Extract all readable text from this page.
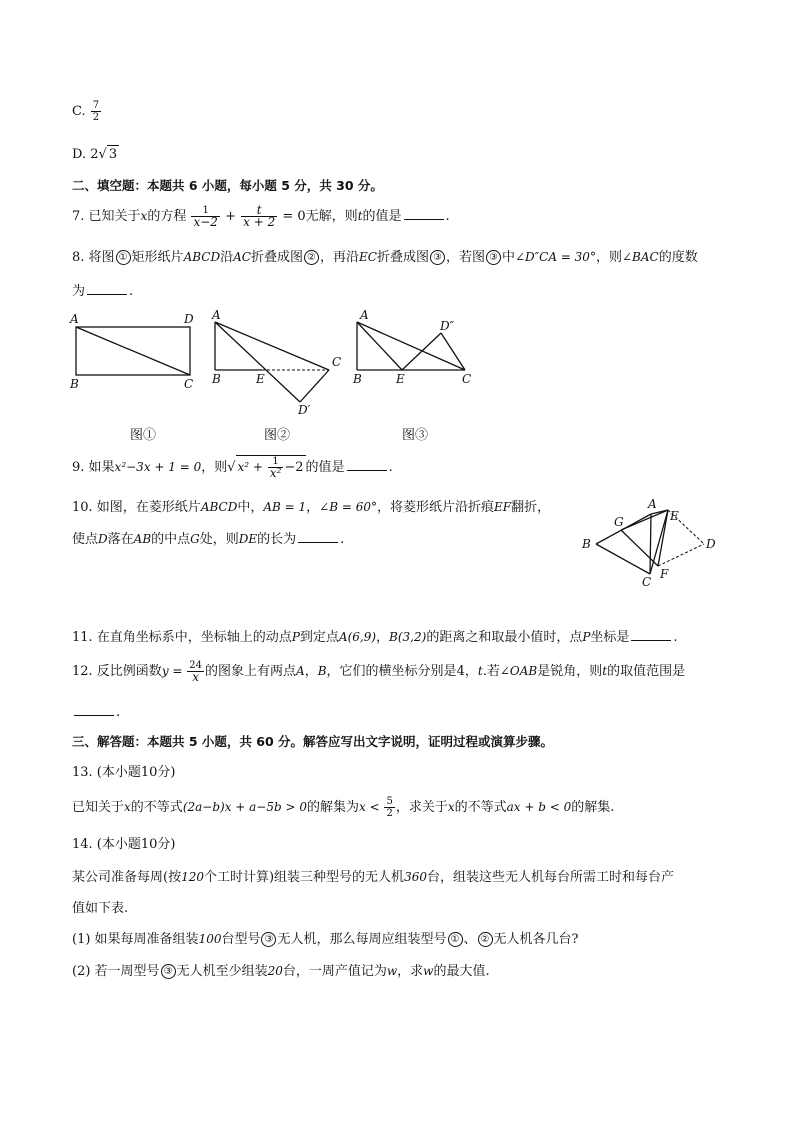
C. $\frac{7}{2}$
D. 2√ 3
二、填空题：本题共 6 小题，每小题 5 分，共 30 分。
7. 已知关于x的方程 $\frac{1}{x-2} + \frac{t}{x + 2} = 0$无解，则t的值是	.
8. 将图 ① 矩形纸片ABCD沿AC折叠成图 ② ，再沿EC折叠成图 ③ ，若图 ③ 中∠D″CA = 30°，则∠BAC的度数
为	.
A	D
B	C
A
C
B	E
D′
A
D″
B	E	C
图①	图②	图③
9. 如果x²−3x + 1 = 0，则√ $x^2 + \frac{1}{\text{x²}} -2$ 的值是	.
10. 如图，在菱形纸片ABCD中，AB = 1，∠B = 60°，将菱形纸片沿折痕EF翻折，
使点D落在AB的中点G处，则DE的长为	.
A
E
G
B	D
C
F
11. 在直角坐标系中，坐标轴上的动点P到定点A(6,9)，B(3,2)的距离之和取最小值时，点P坐标是	.
12. 反比例函数$y = \frac{24}{x}$ 的图象上有两点A，B，它们的横坐标分别是4，t.若∠OAB是锐角，则t的取值范围是
.
三、解答题：本题共 5 小题，共 60 分。解答应写出文字说明，证明过程或演算步骤。
13. (本小题10分)
已知关于x的不等式(2a−b)x + a−5b > 0的解集为$x < \frac{5}{2}$ ，求关于x的不等式ax + b < 0的解集.
14. (本小题10分)
某公司准备每周(按120个工时计算)组装三种型号的无人机360台，组装这些无人机每台所需工时和每台产
值如下表.
(1) 如果每周准备组装100台型号 ③ 无人机，那么每周应组装型号 ① 、 ② 无人机各几台?
(2) 若一周型号 ③ 无人机至少组装20台，一周产值记为w，求w的最大值.
